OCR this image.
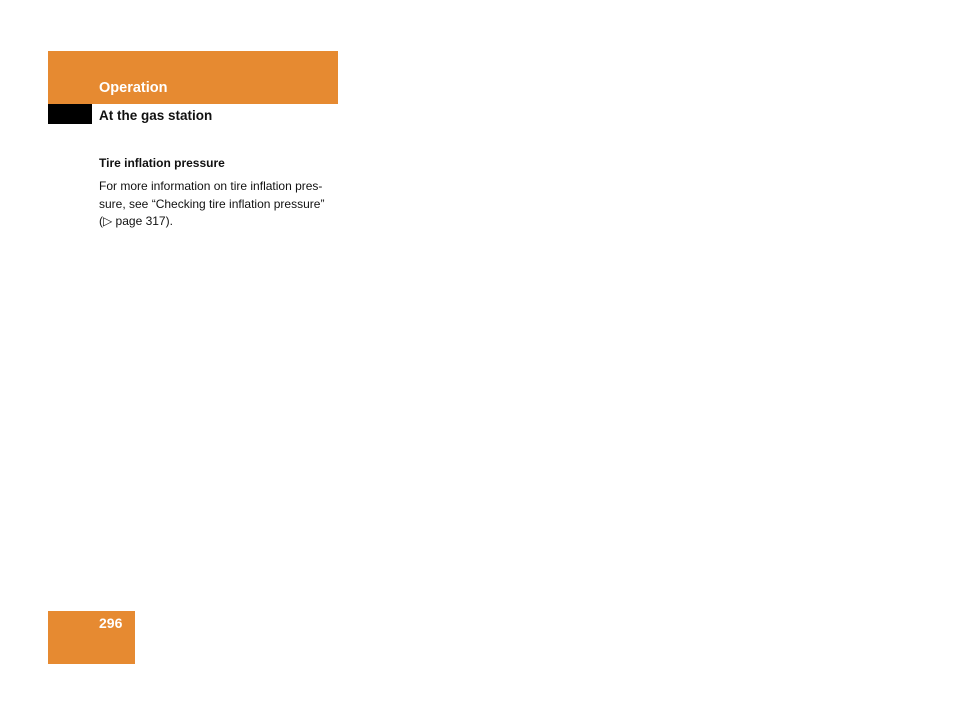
Operation
At the gas station
Tire inflation pressure
For more information on tire inflation pres-
sure, see “Checking tire inflation pressure”
(▷ page 317).
296
